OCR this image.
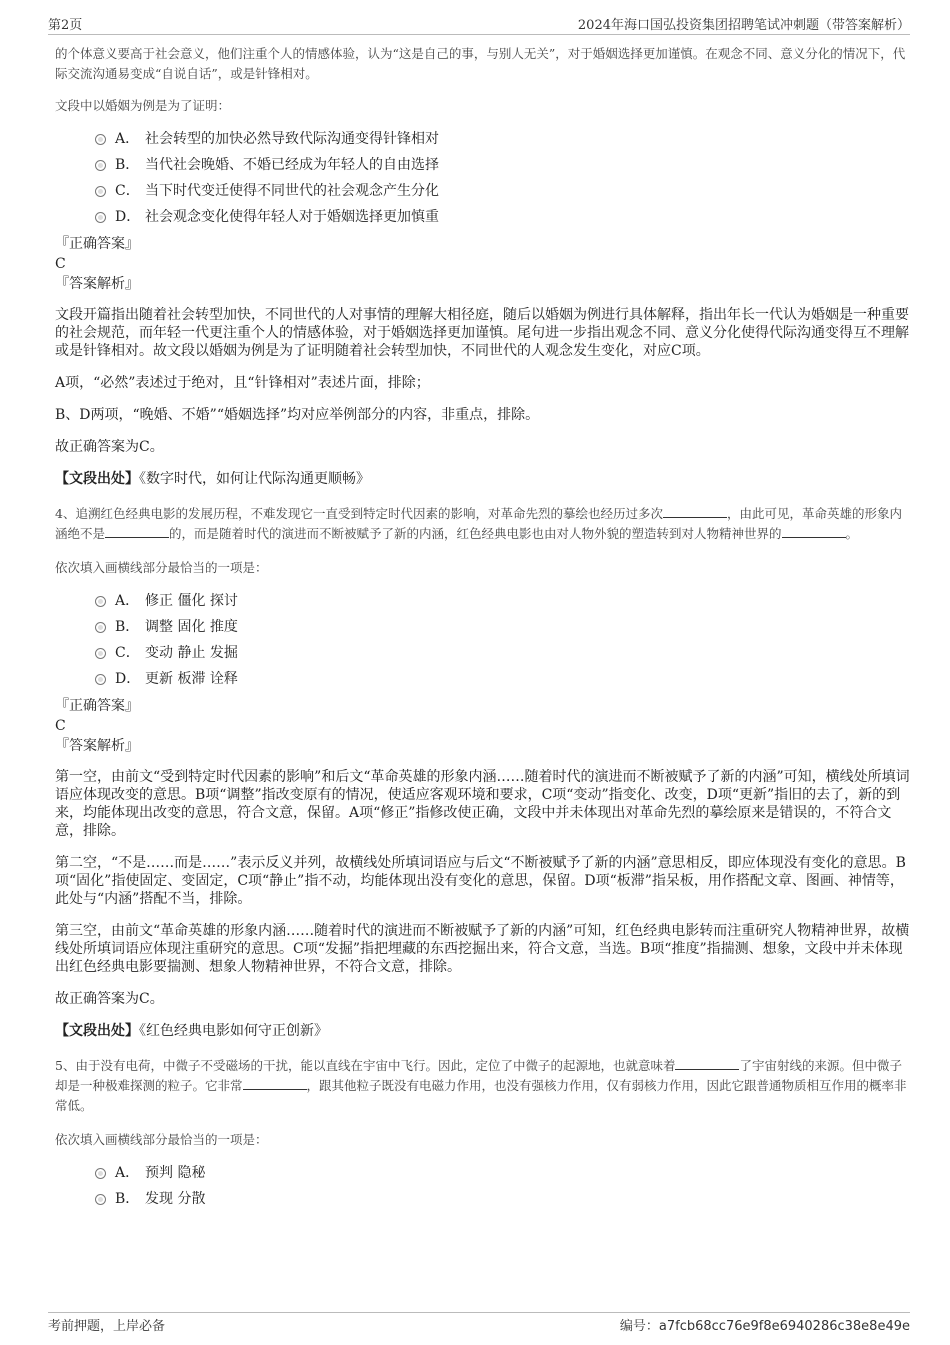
第2页	2024年海口国弘投资集团招聘笔试冲刺题（带答案解析）

的个体意义要高于社会意义，他们注重个人的情感体验，认为“这是自己的事，与别人无关”，对于婚姻选择更加谨慎。在观念不同、意义分化的情况下，代际交流沟通易变成“自说自话”，或是针锋相对。

文段中以婚姻为例是为了证明：

A． 社会转型的加快必然导致代际沟通变得针锋相对
B． 当代社会晚婚、不婚已经成为年轻人的自由选择
C． 当下时代变迁使得不同世代的社会观念产生分化
D． 社会观念变化使得年轻人对于婚姻选择更加慎重

『正确答案』

C

『答案解析』

文段开篇指出随着社会转型加快，不同世代的人对事情的理解大相径庭，随后以婚姻为例进行具体解释，指出年长一代认为婚姻是一种重要的社会规范，而年轻一代更注重个人的情感体验，对于婚姻选择更加谨慎。尾句进一步指出观念不同、意义分化使得代际沟通变得互不理解或是针锋相对。故文段以婚姻为例是为了证明随着社会转型加快，不同世代的人观念发生变化，对应C项。

A项，“必然”表述过于绝对，且“针锋相对”表述片面，排除；

B、D两项，“晚婚、不婚”“婚姻选择”均对应举例部分的内容，非重点，排除。

故正确答案为C。

【文段出处】《数字时代，如何让代际沟通更顺畅》

4、追溯红色经典电影的发展历程，不难发现它一直受到特定时代因素的影响，对革命先烈的摹绘也经历过多次	，由此可见，革命英雄的形象内涵绝不是	的，而是随着时代的演进而不断被赋予了新的内涵，红色经典电影也由对人物外貌的塑造转到对人物精神世界的	。

依次填入画横线部分最恰当的一项是：

A． 修正 僵化 探讨
B． 调整 固化 推度
C． 变动 静止 发掘
D． 更新 板滞 诠释

『正确答案』

C

『答案解析』

第一空，由前文“受到特定时代因素的影响”和后文“革命英雄的形象内涵……随着时代的演进而不断被赋予了新的内涵”可知，横线处所填词语应体现改变的意思。B项“调整”指改变原有的情况，使适应客观环境和要求，C项“变动”指变化、改变，D项“更新”指旧的去了，新的到来，均能体现出改变的意思，符合文意，保留。A项“修正”指修改使正确，文段中并未体现出对革命先烈的摹绘原来是错误的，不符合文意，排除。

第二空，“不是……而是……”表示反义并列，故横线处所填词语应与后文“不断被赋予了新的内涵”意思相反，即应体现没有变化的意思。B项“固化”指使固定、变固定，C项“静止”指不动，均能体现出没有变化的意思，保留。D项“板滞”指呆板，用作搭配文章、图画、神情等，此处与“内涵”搭配不当，排除。

第三空，由前文“革命英雄的形象内涵……随着时代的演进而不断被赋予了新的内涵”可知，红色经典电影转而注重研究人物精神世界，故横线处所填词语应体现注重研究的意思。C项“发掘”指把埋藏的东西挖掘出来，符合文意，当选。B项“推度”指揣测、想象，文段中并未体现出红色经典电影要揣测、想象人物精神世界，不符合文意，排除。

故正确答案为C。

【文段出处】《红色经典电影如何守正创新》

5、由于没有电荷，中微子不受磁场的干扰，能以直线在宇宙中飞行。因此，定位了中微子的起源地，也就意味着	了宇宙射线的来源。但中微子却是一种极难探测的粒子。它非常	，跟其他粒子既没有电磁力作用，也没有强核力作用，仅有弱核力作用，因此它跟普通物质相互作用的概率非常低。

依次填入画横线部分最恰当的一项是：

A． 预判 隐秘
B． 发现 分散
考前押题，上岸必备	编号：a7fcb68cc76e9f8e6940286c38e8e49e
